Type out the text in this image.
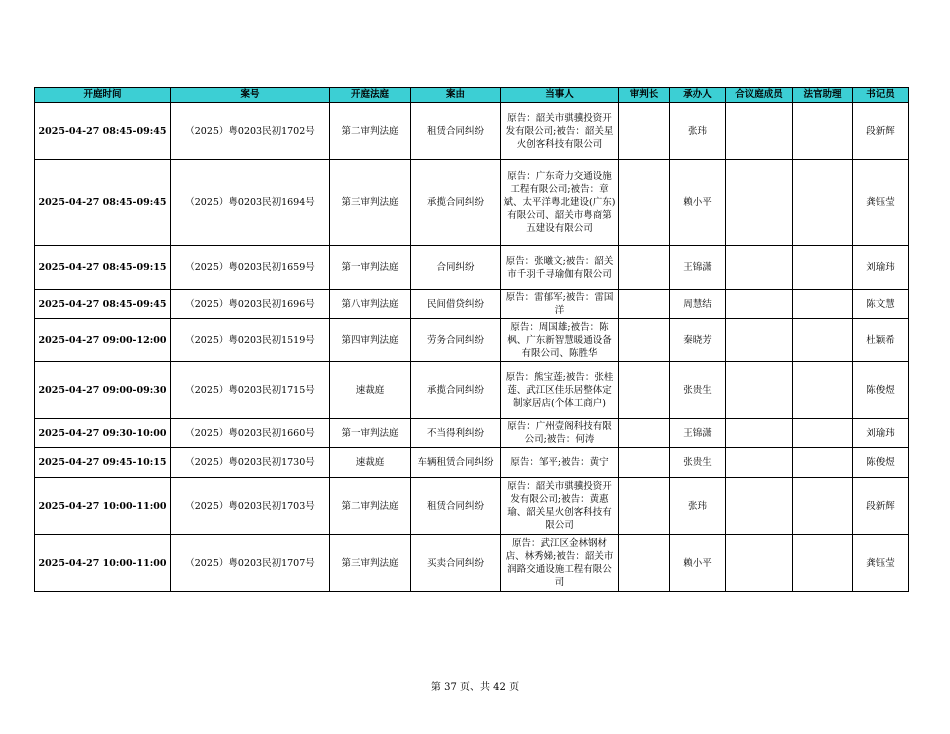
开庭时间	案号	开庭法庭	案由	当事人	审判长	承办人	合议庭成员	法官助理	书记员
2025-04-27 08:45-09:45	（2025）粤0203民初1702号	第二审判法庭	租赁合同纠纷	原告：韶关市骐骥投资开发有限公司;被告：韶关星火创客科技有限公司		张玮			段新辉
2025-04-27 08:45-09:45	（2025）粤0203民初1694号	第三审判法庭	承揽合同纠纷	原告：广东奇力交通设施工程有限公司;被告：章斌、太平洋粤北建设(广东)有限公司、韶关市粤商第五建设有限公司		赖小平			龚钰莹
2025-04-27 08:45-09:15	（2025）粤0203民初1659号	第一审判法庭	合同纠纷	原告：张曦文;被告：韶关市千羽千寻瑜伽有限公司		王锦潇			刘瑜玮
2025-04-27 08:45-09:45	（2025）粤0203民初1696号	第八审判法庭	民间借贷纠纷	原告：雷郁军;被告：雷国洋		周慧结			陈文慧
2025-04-27 09:00-12:00	（2025）粤0203民初1519号	第四审判法庭	劳务合同纠纷	原告：周国雄;被告：陈枫、广东新智慧暖通设备有限公司、陈胜华		秦晓芳			杜颖希
2025-04-27 09:00-09:30	（2025）粤0203民初1715号	速裁庭	承揽合同纠纷	原告：熊宝莲;被告：张桂莲、武江区佳乐居整体定制家居店(个体工商户)		张贵生			陈俊煜
2025-04-27 09:30-10:00	（2025）粤0203民初1660号	第一审判法庭	不当得利纠纷	原告：广州壹阁科技有限公司;被告：何涛		王锦潇			刘瑜玮
2025-04-27 09:45-10:15	（2025）粤0203民初1730号	速裁庭	车辆租赁合同纠纷	原告：邹平;被告：黄宁		张贵生			陈俊煜
2025-04-27 10:00-11:00	（2025）粤0203民初1703号	第二审判法庭	租赁合同纠纷	原告：韶关市骐骥投资开发有限公司;被告：黄惠瑜、韶关星火创客科技有限公司		张玮			段新辉
2025-04-27 10:00-11:00	（2025）粤0203民初1707号	第三审判法庭	买卖合同纠纷	原告：武江区金林钢材店、林秀娣;被告：韶关市润路交通设施工程有限公司		赖小平			龚钰莹
第 37 页、共 42 页
